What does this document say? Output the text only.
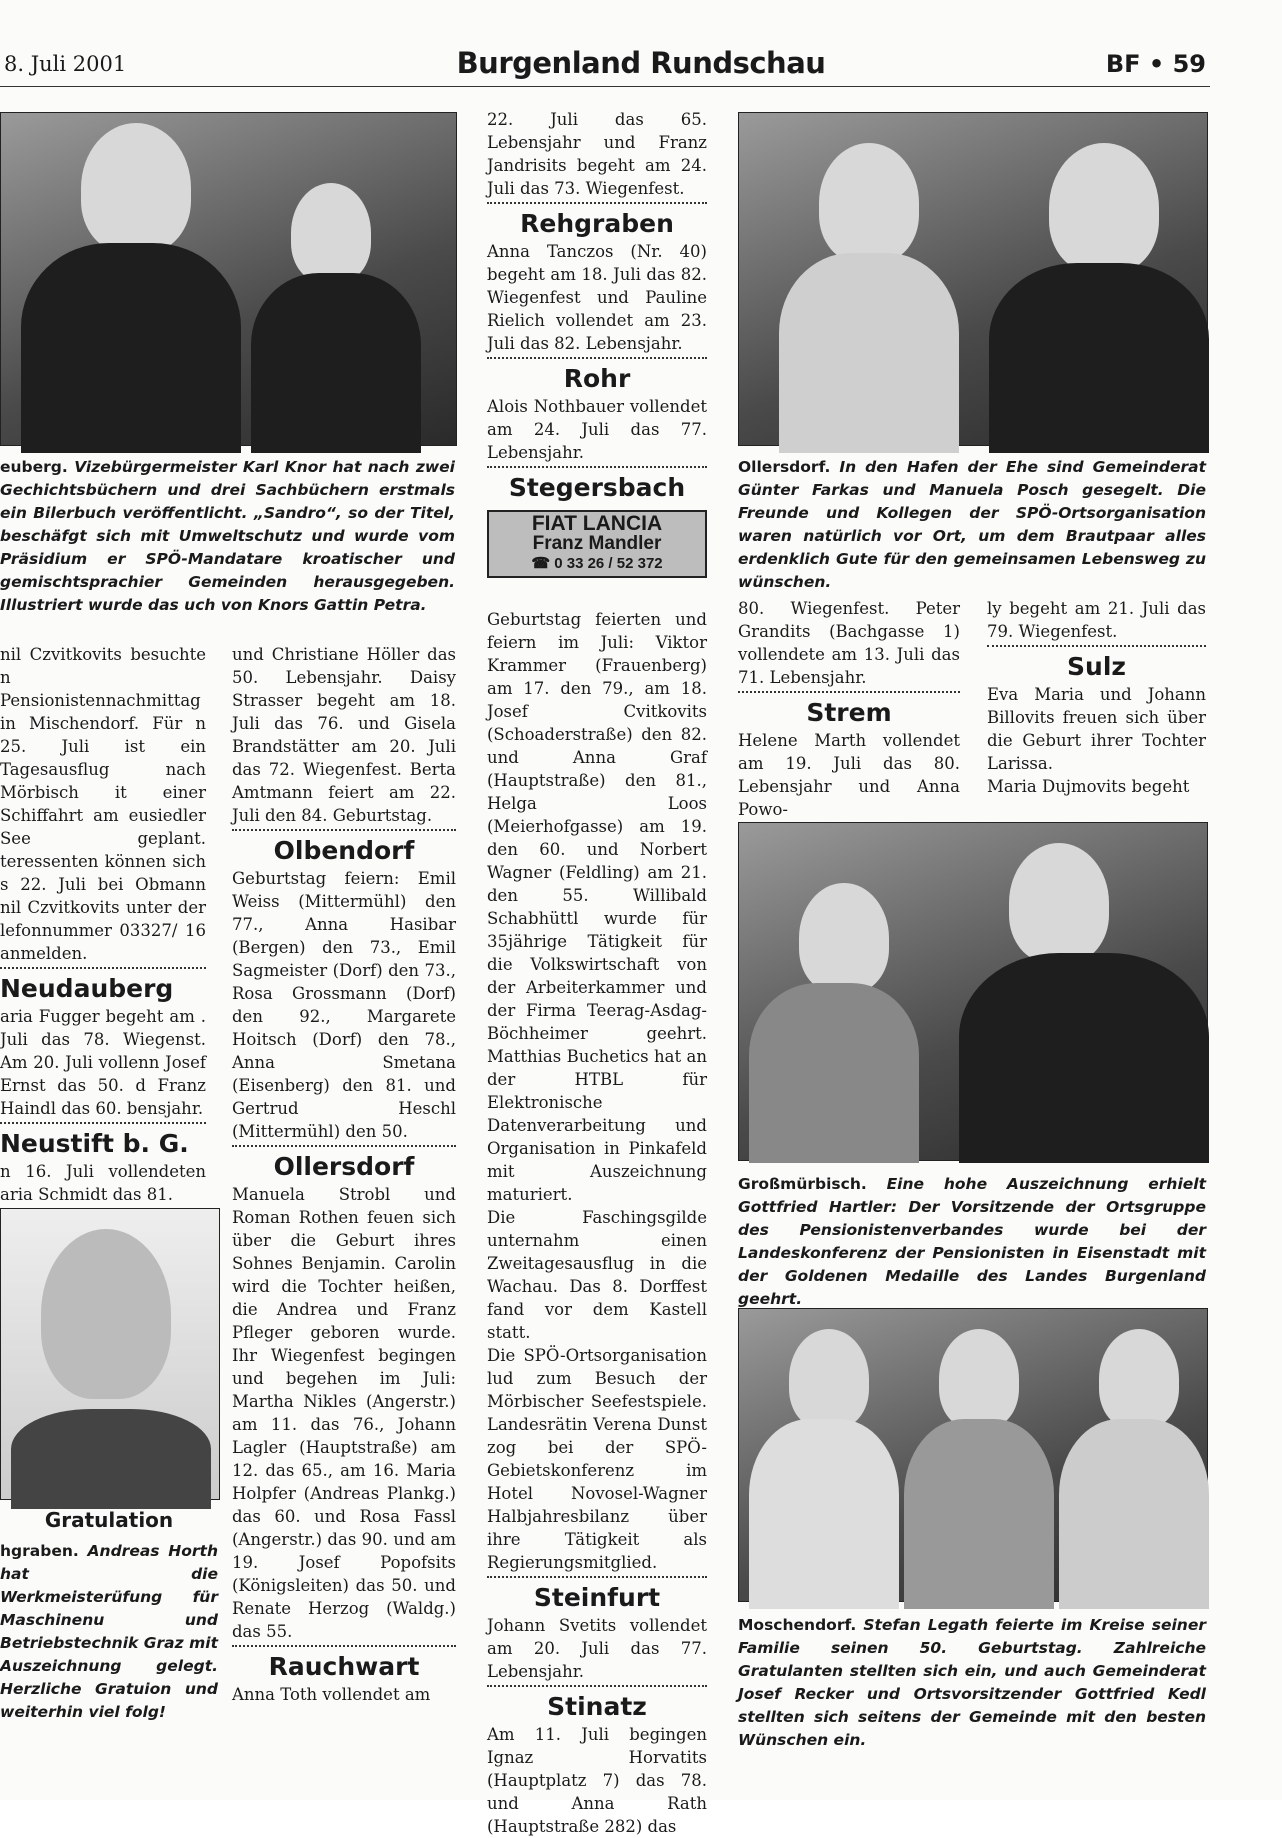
8. Juli 2001	Burgenland Rundschau	BF • 59
euberg. Vizebürgermeister Karl Knor hat nach zwei Gechichtsbüchern und drei Sachbüchern erstmals ein Bilerbuch veröffentlicht. „Sandro“, so der Titel, beschäfgt sich mit Umweltschutz und wurde vom Präsidium er SPÖ-Mandatare kroatischer und gemischtsprachier Gemeinden herausgegeben. Illustriert wurde das uch von Knors Gattin Petra.
Ollersdorf. In den Hafen der Ehe sind Gemeinderat Günter Farkas und Manuela Posch gesegelt. Die Freunde und Kollegen der SPÖ-Ortsorganisation waren natürlich vor Ort, um dem Brautpaar alles erdenklich Gute für den gemeinsamen Lebensweg zu wünschen.
Großmürbisch. Eine hohe Auszeichnung erhielt Gottfried Hartler: Der Vorsitzende der Ortsgruppe des Pensionistenverbandes wurde bei der Landeskonferenz der Pensionisten in Eisenstadt mit der Goldenen Medaille des Landes Burgenland geehrt.
Moschendorf. Stefan Legath feierte im Kreise seiner Familie seinen 50. Geburtstag. Zahlreiche Gratulanten stellten sich ein, und auch Gemeinderat Josef Recker und Ortsvorsitzender Gottfried Kedl stellten sich seitens der Gemeinde mit den besten Wünschen ein.
Gratulation
hgraben. Andreas Horth hat die Werkmeisterüfung für Maschinenu und Betriebstechnik Graz mit Auszeichnung gelegt. Herzliche Gratuion und weiterhin viel folg!

nil Czvitkovits besuchte n Pensionistennachmittag in Mischendorf. Für n 25. Juli ist ein Tagesausflug nach Mörbisch it einer Schiffahrt am eusiedler See geplant. teressenten können sich s 22. Juli bei Obmann nil Czvitkovits unter der lefonnummer 03327/ 16 anmelden.

Neudauberg

aria Fugger begeht am . Juli das 78. Wiegenst. Am 20. Juli vollenn Josef Ernst das 50. d Franz Haindl das 60. bensjahr.

Neustift b. G.

n 16. Juli vollendeten aria Schmidt das 81.

und Christiane Höller das 50. Lebensjahr. Daisy Strasser begeht am 18. Juli das 76. und Gisela Brandstätter am 20. Juli das 72. Wiegenfest. Berta Amtmann feiert am 22. Juli den 84. Geburtstag.

Olbendorf

Geburtstag feiern: Emil Weiss (Mittermühl) den 77., Anna Hasibar (Bergen) den 73., Emil Sagmeister (Dorf) den 73., Rosa Grossmann (Dorf) den 92., Margarete Hoitsch (Dorf) den 78., Anna Smetana (Eisenberg) den 81. und Gertrud Heschl (Mittermühl) den 50.

Ollersdorf

Manuela Strobl und Roman Rothen feuen sich über die Geburt ihres Sohnes Benjamin. Carolin wird die Tochter heißen, die Andrea und Franz Pfleger geboren wurde. Ihr Wiegenfest begingen und begehen im Juli: Martha Nikles (Angerstr.) am 11. das 76., Johann Lagler (Hauptstraße) am 12. das 65., am 16. Maria Holpfer (Andreas Plankg.) das 60. und Rosa Fassl (Angerstr.) das 90. und am 19. Josef Popofsits (Königsleiten) das 50. und Renate Herzog (Waldg.) das 55.

Rauchwart

Anna Toth vollendet am

22. Juli das 65. Lebensjahr und Franz Jandrisits begeht am 24. Juli das 73. Wiegenfest.

Rehgraben

Anna Tanczos (Nr. 40) begeht am 18. Juli das 82. Wiegenfest und Pauline Rielich vollendet am 23. Juli das 82. Lebensjahr.

Rohr

Alois Nothbauer vollendet am 24. Juli das 77. Lebensjahr.

Stegersbach
FIAT LANCIA
Franz Mandler
☎ 0 33 26 / 52 372

Geburtstag feierten und feiern im Juli: Viktor Krammer (Frauenberg) am 17. den 79., am 18. Josef Cvitkovits (Schoaderstraße) den 82. und Anna Graf (Hauptstraße) den 81., Helga Loos (Meierhofgasse) am 19. den 60. und Norbert Wagner (Feldling) am 21. den 55. Willibald Schabhüttl wurde für 35jährige Tätigkeit für die Volkswirtschaft von der Arbeiterkammer und der Firma Teerag-Asdag-Böchheimer geehrt. Matthias Buchetics hat an der HTBL für Elektronische Datenverarbeitung und Organisation in Pinkafeld mit Auszeichnung maturiert.

Die Faschingsgilde unternahm einen Zweitagesausflug in die Wachau. Das 8. Dorffest fand vor dem Kastell statt.

Die SPÖ-Ortsorganisation lud zum Besuch der Mörbischer Seefestspiele. Landesrätin Verena Dunst zog bei der SPÖ-Gebietskonferenz im Hotel Novosel-Wagner Halbjahresbilanz über ihre Tätigkeit als Regierungsmitglied.

Steinfurt

Johann Svetits vollendet am 20. Juli das 77. Lebensjahr.

Stinatz

Am 11. Juli begingen Ignaz Horvatits (Hauptplatz 7) das 78. und Anna Rath (Hauptstraße 282) das

80. Wiegenfest. Peter Grandits (Bachgasse 1) vollendete am 13. Juli das 71. Lebensjahr.

Strem

Helene Marth vollendet am 19. Juli das 80. Lebensjahr und Anna Powo-

ly begeht am 21. Juli das 79. Wiegenfest.

Sulz

Eva Maria und Johann Billovits freuen sich über die Geburt ihrer Tochter Larissa.

Maria Dujmovits begeht
